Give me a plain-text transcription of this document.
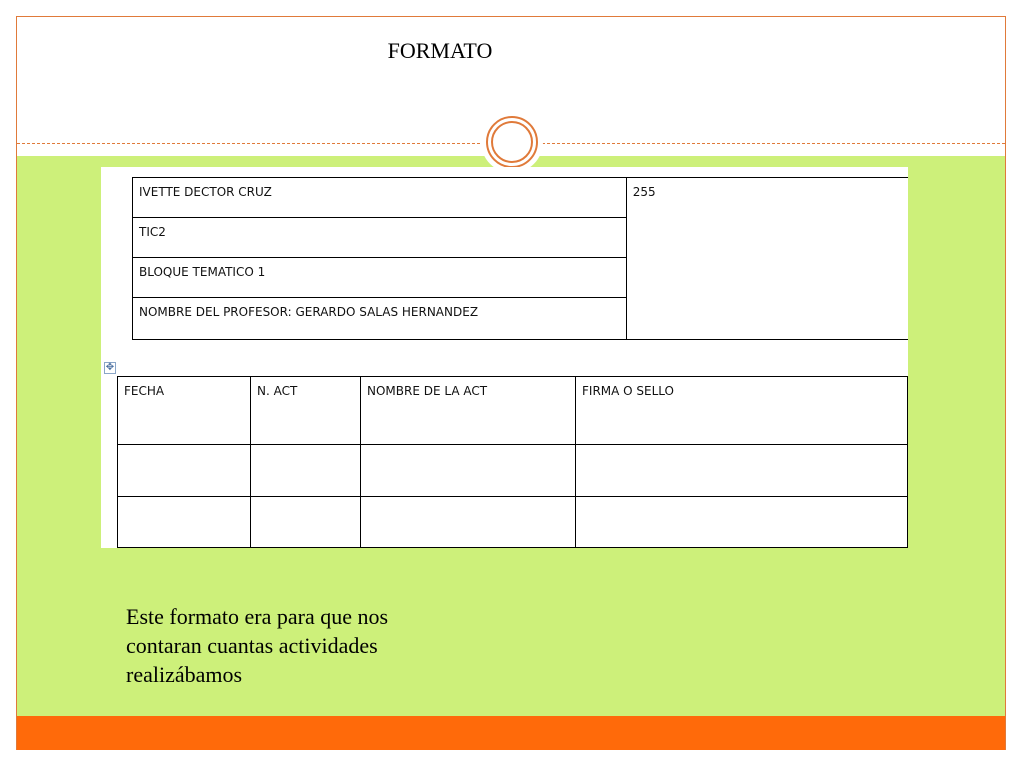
FORMATO
IVETTE DECTOR CRUZ	255
TIC2
BLOQUE TEMATICO 1
NOMBRE DEL PROFESOR: GERARDO SALAS HERNANDEZ
✥
FECHA	N. ACT	NOMBRE DE LA ACT	FIRMA O SELLO

Este formato era para que nos contaran cuantas actividades realizábamos
